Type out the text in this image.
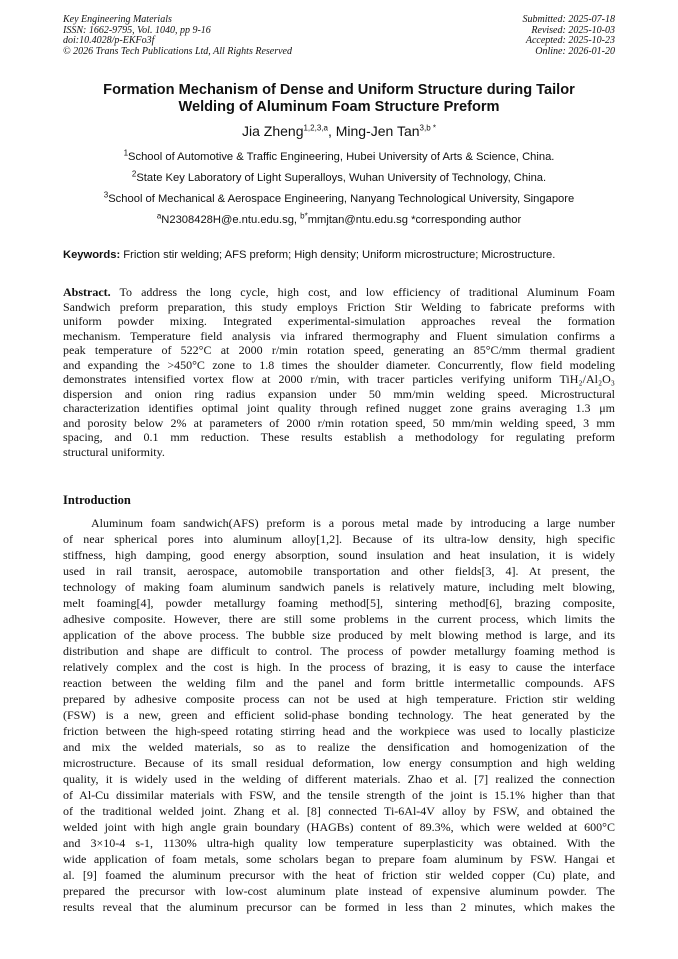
Key Engineering Materials
ISSN: 1662-9795, Vol. 1040, pp 9-16
doi:10.4028/p-EKFo3f
© 2026 Trans Tech Publications Ltd, All Rights Reserved
Submitted: 2025-07-18
Revised: 2025-10-03
Accepted: 2025-10-23
Online: 2026-01-20
Formation Mechanism of Dense and Uniform Structure during Tailor
Welding of Aluminum Foam Structure Preform
Jia Zheng$^{1,2,3,a}$, Ming-Jen Tan$^{3,b *}$
$^1$School of Automotive & Traffic Engineering, Hubei University of Arts & Science, China.
$^2$State Key Laboratory of Light Superalloys, Wuhan University of Technology, China.
$^3$School of Mechanical & Aerospace Engineering, Nanyang Technological University, Singapore
$^a$N2308428H@e.ntu.edu.sg, $^{b*}$mmjtan@ntu.edu.sg *corresponding author
Keywords: Friction stir welding; AFS preform; High density; Uniform microstructure; Microstructure.
Abstract. To address the long cycle, high cost, and low efficiency of traditional Aluminum Foam
Sandwich preform preparation, this study employs Friction Stir Welding to fabricate preforms with
uniform powder mixing. Integrated experimental-simulation approaches reveal the formation
mechanism. Temperature field analysis via infrared thermography and Fluent simulation confirms a
peak temperature of 522°C at 2000 r/min rotation speed, generating an 85°C/mm thermal gradient
and expanding the >450°C zone to 1.8 times the shoulder diameter. Concurrently, flow field modeling
demonstrates intensified vortex flow at 2000 r/min, with tracer particles verifying uniform TiH₂/Al₂O₃
dispersion and onion ring radius expansion under 50 mm/min welding speed. Microstructural
characterization identifies optimal joint quality through refined nugget zone grains averaging 1.3 μm
and porosity below 2% at parameters of 2000 r/min rotation speed, 50 mm/min welding speed, 3 mm
spacing, and 0.1 mm reduction. These results establish a methodology for regulating preform
structural uniformity.
Introduction
Aluminum foam sandwich(AFS) preform is a porous metal made by introducing a large number
of near spherical pores into aluminum alloy[1,2]. Because of its ultra-low density, high specific
stiffness, high damping, good energy absorption, sound insulation and heat insulation, it is widely
used in rail transit, aerospace, automobile transportation and other fields[3, 4]. At present, the
technology of making foam aluminum sandwich panels is relatively mature, including melt blowing,
melt foaming[4], powder metallurgy foaming method[5], sintering method[6], brazing composite,
adhesive composite. However, there are still some problems in the current process, which limits the
application of the above process. The bubble size produced by melt blowing method is large, and its
distribution and shape are difficult to control. The process of powder metallurgy foaming method is
relatively complex and the cost is high. In the process of brazing, it is easy to cause the interface
reaction between the welding film and the panel and form brittle intermetallic compounds. AFS
prepared by adhesive composite process can not be used at high temperature. Friction stir welding
(FSW) is a new, green and efficient solid-phase bonding technology. The heat generated by the
friction between the high-speed rotating stirring head and the workpiece was used to locally plasticize
and mix the welded materials, so as to realize the densification and homogenization of the
microstructure. Because of its small residual deformation, low energy consumption and high welding
quality, it is widely used in the welding of different materials. Zhao et al. [7] realized the connection
of Al-Cu dissimilar materials with FSW, and the tensile strength of the joint is 15.1% higher than that
of the traditional welded joint. Zhang et al. [8] connected Ti-6Al-4V alloy by FSW, and obtained the
welded joint with high angle grain boundary (HAGBs) content of 89.3%, which were welded at 600°C
and 3×10-4 s-1, 1130% ultra-high quality low temperature superplasticity was obtained. With the
wide application of foam metals, some scholars began to prepare foam aluminum by FSW. Hangai et
al. [9] foamed the aluminum precursor with the heat of friction stir welded copper (Cu) plate, and
prepared the precursor with low-cost aluminum plate instead of expensive aluminum powder. The
results reveal that the aluminum precursor can be formed in less than 2 minutes, which makes the
